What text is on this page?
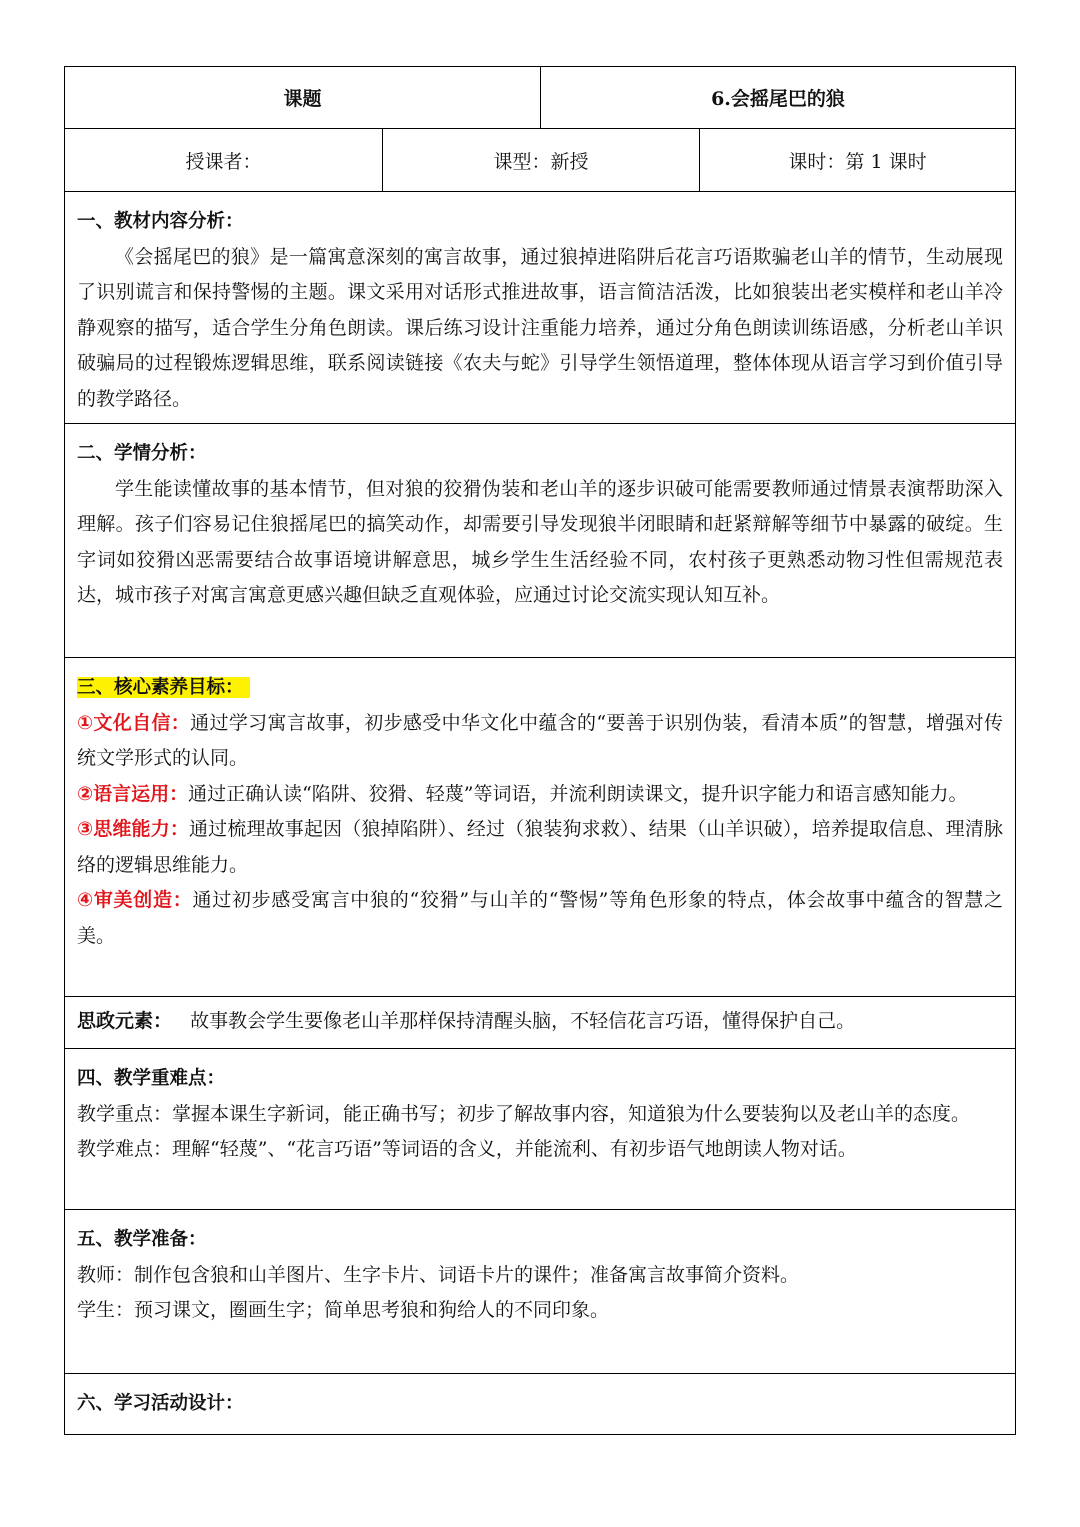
课题	6.会摇尾巴的狼
授课者：	课型：新授	课时：第 1 课时
一、教材内容分析：
《会摇尾巴的狼》是一篇寓意深刻的寓言故事，通过狼掉进陷阱后花言巧语欺骗老山羊的情节，生动展现了识别谎言和保持警惕的主题。课文采用对话形式推进故事，语言简洁活泼，比如狼装出老实模样和老山羊冷静观察的描写，适合学生分角色朗读。课后练习设计注重能力培养，通过分角色朗读训练语感，分析老山羊识破骗局的过程锻炼逻辑思维，联系阅读链接《农夫与蛇》引导学生领悟道理，整体体现从语言学习到价值引导的教学路径。
二、学情分析：
学生能读懂故事的基本情节，但对狼的狡猾伪装和老山羊的逐步识破可能需要教师通过情景表演帮助深入理解。孩子们容易记住狼摇尾巴的搞笑动作，却需要引导发现狼半闭眼睛和赶紧辩解等细节中暴露的破绽。生字词如狡猾凶恶需要结合故事语境讲解意思，城乡学生生活经验不同，农村孩子更熟悉动物习性但需规范表达，城市孩子对寓言寓意更感兴趣但缺乏直观体验，应通过讨论交流实现认知互补。
三、核心素养目标：
①文化自信：通过学习寓言故事，初步感受中华文化中蕴含的“要善于识别伪装，看清本质”的智慧，增强对传统文学形式的认同。
②语言运用：通过正确认读“陷阱、狡猾、轻蔑”等词语，并流利朗读课文，提升识字能力和语言感知能力。
③思维能力：通过梳理故事起因（狼掉陷阱）、经过（狼装狗求救）、结果（山羊识破），培养提取信息、理清脉络的逻辑思维能力。
④审美创造：通过初步感受寓言中狼的“狡猾”与山羊的“警惕”等角色形象的特点，体会故事中蕴含的智慧之美。
思政元素： 故事教会学生要像老山羊那样保持清醒头脑，不轻信花言巧语，懂得保护自己。
四、教学重难点：
教学重点：掌握本课生字新词，能正确书写；初步了解故事内容，知道狼为什么要装狗以及老山羊的态度。
教学难点：理解“轻蔑”、“花言巧语”等词语的含义，并能流利、有初步语气地朗读人物对话。
五、教学准备：
教师：制作包含狼和山羊图片、生字卡片、词语卡片的课件；准备寓言故事简介资料。
学生：预习课文，圈画生字；简单思考狼和狗给人的不同印象。
六、学习活动设计：
